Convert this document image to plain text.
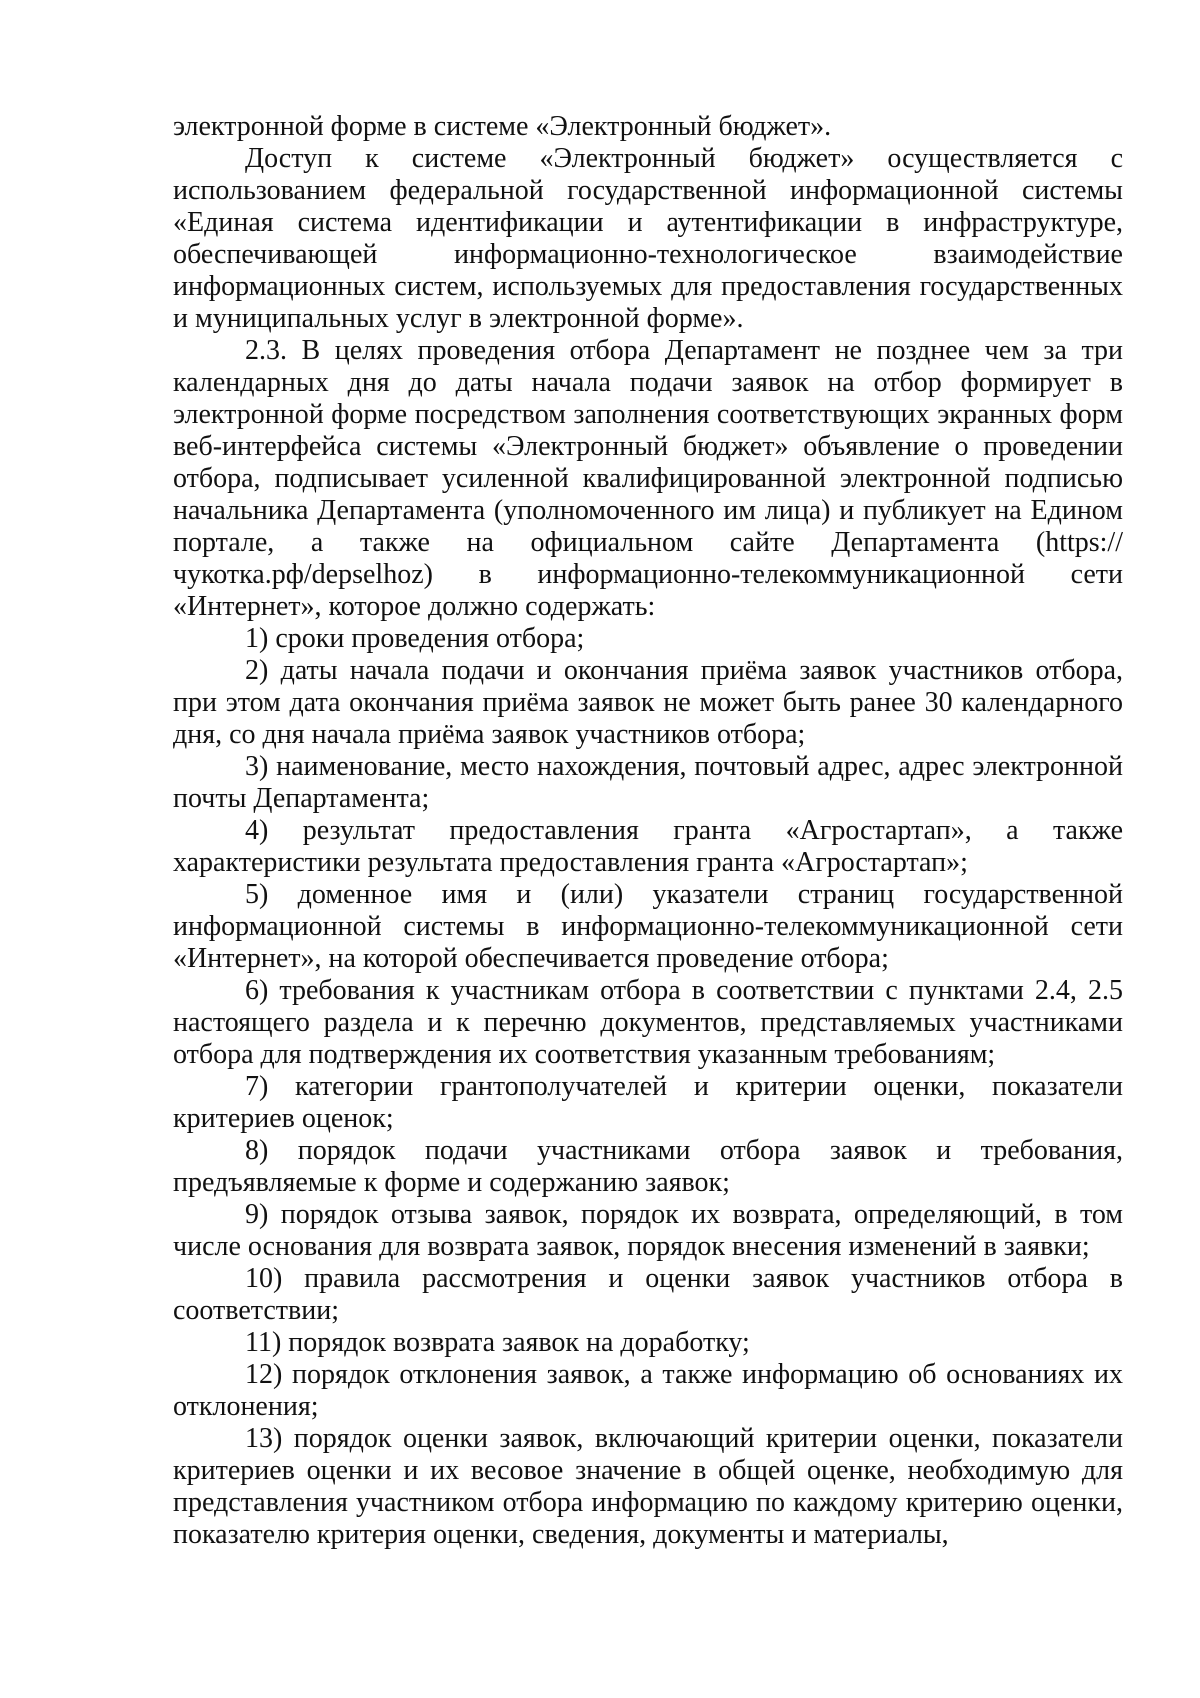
электронной форме в системе «Электронный бюджет».

Доступ к системе «Электронный бюджет» осуществляется с использованием федеральной государственной информационной системы «Единая система идентификации и аутентификации в инфраструктуре, обеспечивающей информационно-технологическое взаимодействие информационных систем, используемых для предоставления государственных и муниципальных услуг в электронной форме».

2.3. В целях проведения отбора Департамент не позднее чем за три календарных дня до даты начала подачи заявок на отбор формирует в электронной форме посредством заполнения соответствующих экранных форм веб-интерфейса системы «Электронный бюджет» объявление о проведении отбора, подписывает усиленной квалифицированной электронной подписью начальника Департамента (уполномоченного им лица) и публикует на Едином портале, а также на официальном сайте Департамента (https://чукотка.рф/depselhoz) в информационно-телекоммуникационной сети «Интернет», которое должно содержать:

1) сроки проведения отбора;

2) даты начала подачи и окончания приёма заявок участников отбора, при этом дата окончания приёма заявок не может быть ранее 30 календарного дня, со дня начала приёма заявок участников отбора;

3) наименование, место нахождения, почтовый адрес, адрес электронной почты Департамента;

4) результат предоставления гранта «Агростартап», а также характеристики результата предоставления гранта «Агростартап»;

5) доменное имя и (или) указатели страниц государственной информационной системы в информационно-телекоммуникационной сети «Интернет», на которой обеспечивается проведение отбора;

6) требования к участникам отбора в соответствии с пунктами 2.4, 2.5 настоящего раздела и к перечню документов, представляемых участниками отбора для подтверждения их соответствия указанным требованиям;

7) категории грантополучателей и критерии оценки, показатели критериев оценок;

8) порядок подачи участниками отбора заявок и требования, предъявляемые к форме и содержанию заявок;

9) порядок отзыва заявок, порядок их возврата, определяющий, в том числе основания для возврата заявок, порядок внесения изменений в заявки;

10) правила рассмотрения и оценки заявок участников отбора в соответствии;

11) порядок возврата заявок на доработку;

12) порядок отклонения заявок, а также информацию об основаниях их отклонения;

13) порядок оценки заявок, включающий критерии оценки, показатели критериев оценки и их весовое значение в общей оценке, необходимую для представления участником отбора информацию по каждому критерию оценки, показателю критерия оценки, сведения, документы и материалы,
